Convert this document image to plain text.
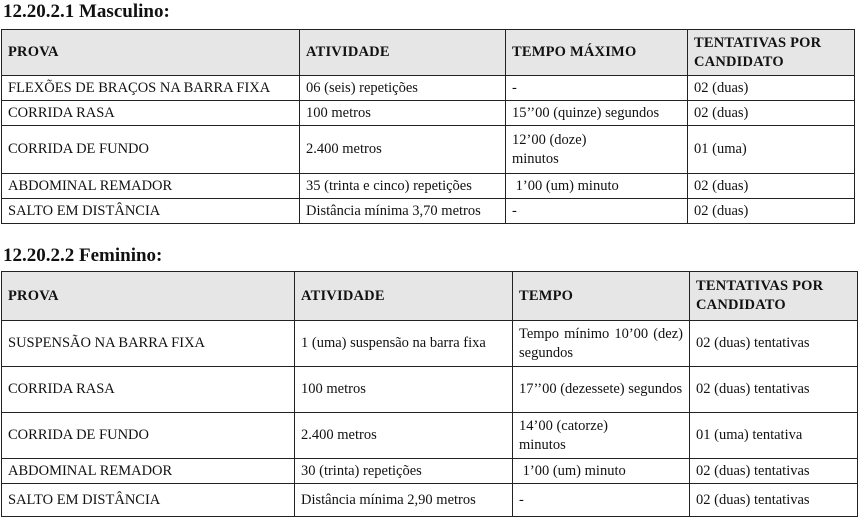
12.20.2.1 Masculino:
PROVA	ATIVIDADE	TEMPO MÁXIMO	TENTATIVAS POR CANDIDATO
FLEXÕES DE BRAÇOS NA BARRA FIXA	06 (seis) repetições	-	02 (duas)
CORRIDA RASA	100 metros	15’’00 (quinze) segundos	02 (duas)
CORRIDA DE FUNDO	2.400 metros	12’00 (doze) minutos	01 (uma)
ABDOMINAL REMADOR	35 (trinta e cinco) repetições	1’00 (um) minuto	02 (duas)
SALTO EM DISTÂNCIA	Distância mínima 3,70 metros	-	02 (duas)
12.20.2.2 Feminino:
PROVA	ATIVIDADE	TEMPO	TENTATIVAS POR CANDIDATO
SUSPENSÃO NA BARRA FIXA	1 (uma) suspensão na barra fixa	Tempo mínimo 10’00 (dez) segundos	02 (duas) tentativas
CORRIDA RASA	100 metros	17’’00 (dezessete) segundos	02 (duas) tentativas
CORRIDA DE FUNDO	2.400 metros	14’00 (catorze) minutos	01 (uma) tentativa
ABDOMINAL REMADOR	30 (trinta) repetições	1’00 (um) minuto	02 (duas) tentativas
SALTO EM DISTÂNCIA	Distância mínima 2,90 metros	-	02 (duas) tentativas
